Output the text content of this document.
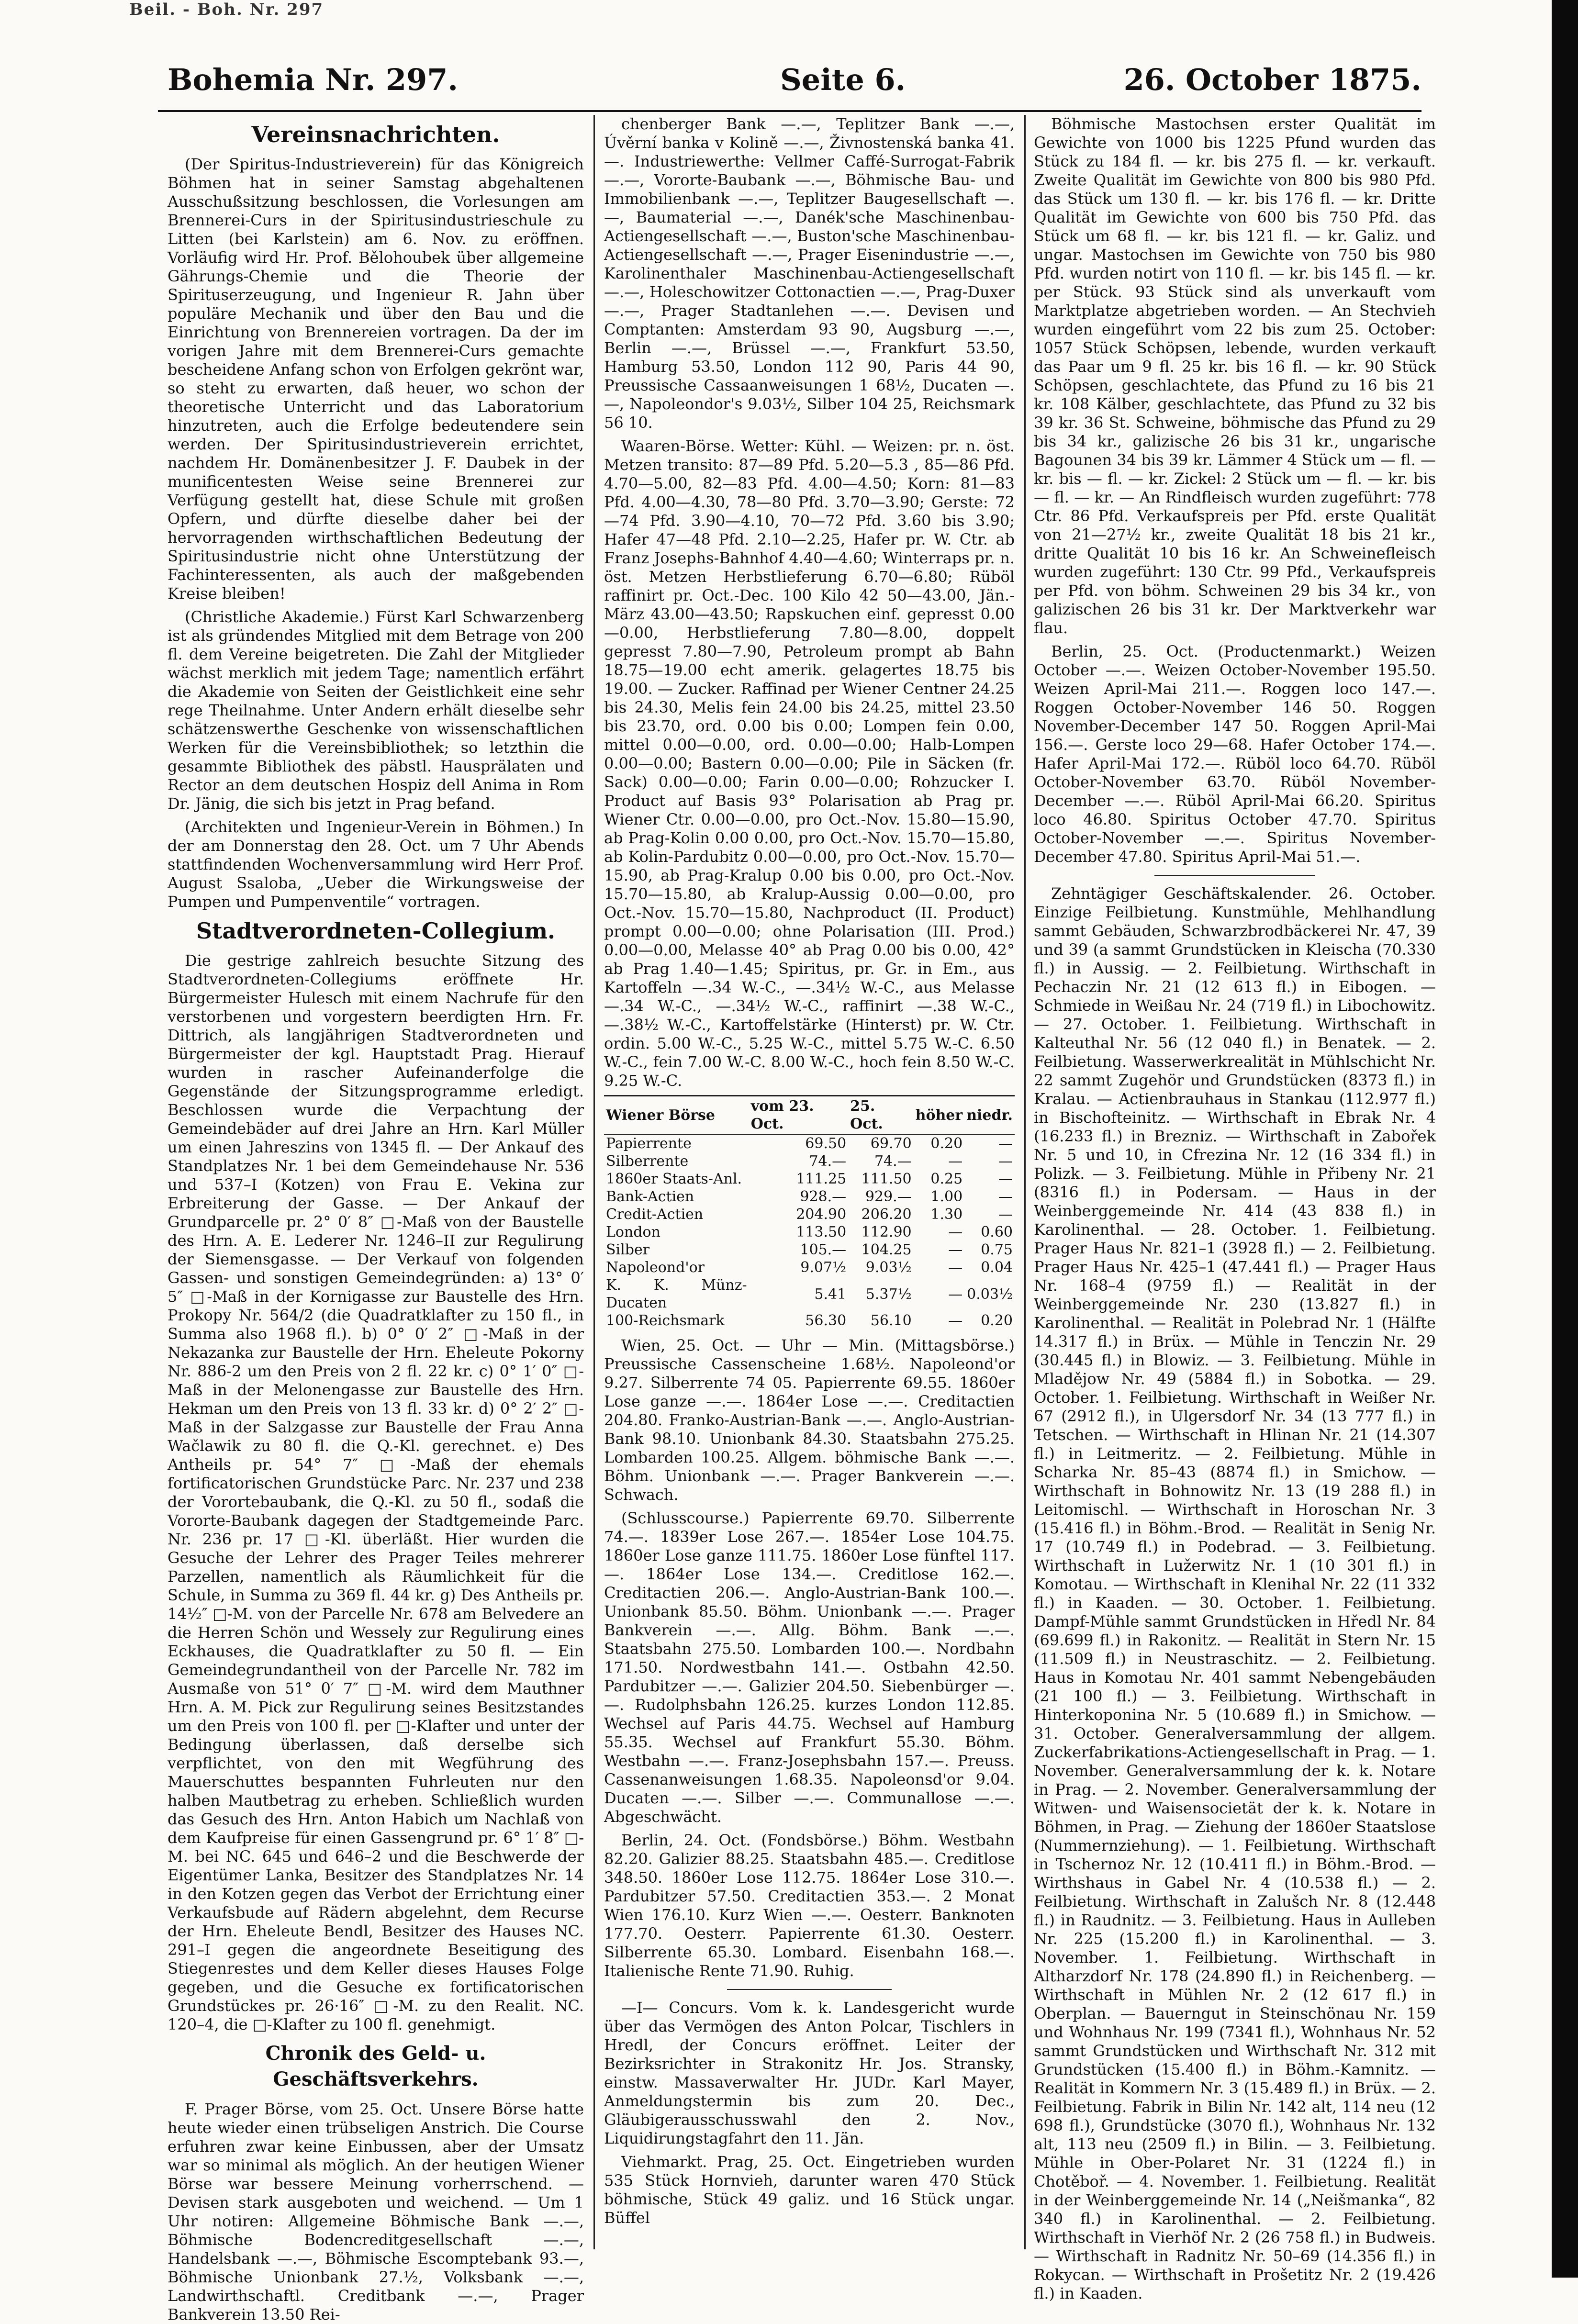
Beil. - Boh. Nr. 297
Bohemia Nr. 297.	Seite 6.	26. October 1875.
Vereinsnachrichten.

(Der Spiritus-Industrieverein) für das Königreich Böhmen hat in seiner Samstag abgehaltenen Ausschußsitzung beschlossen, die Vorlesungen am Brennerei-Curs in der Spiritusindustrieschule zu Litten (bei Karlstein) am 6. Nov. zu eröffnen. Vorläufig wird Hr. Prof. Bělohoubek über allgemeine Gährungs-Chemie und die Theorie der Spirituserzeugung, und Ingenieur R. Jahn über populäre Mechanik und über den Bau und die Einrichtung von Brennereien vortragen. Da der im vorigen Jahre mit dem Brennerei-Curs gemachte bescheidene Anfang schon von Erfolgen gekrönt war, so steht zu erwarten, daß heuer, wo schon der theoretische Unterricht und das Laboratorium hinzutreten, auch die Erfolge bedeutendere sein werden. Der Spiritusindustrieverein errichtet, nachdem Hr. Domänenbesitzer J. F. Daubek in der munificentesten Weise seine Brennerei zur Verfügung gestellt hat, diese Schule mit großen Opfern, und dürfte dieselbe daher bei der hervorragenden wirthschaftlichen Bedeutung der Spiritusindustrie nicht ohne Unterstützung der Fachinteressenten, als auch der maßgebenden Kreise bleiben!

(Christliche Akademie.) Fürst Karl Schwarzenberg ist als gründendes Mitglied mit dem Betrage von 200 fl. dem Vereine beigetreten. Die Zahl der Mitglieder wächst merklich mit jedem Tage; namentlich erfährt die Akademie von Seiten der Geistlichkeit eine sehr rege Theilnahme. Unter Andern erhält dieselbe sehr schätzenswerthe Geschenke von wissenschaftlichen Werken für die Vereinsbibliothek; so letzthin die gesammte Bibliothek des päbstl. Hausprälaten und Rector an dem deutschen Hospiz dell Anima in Rom Dr. Jänig, die sich bis jetzt in Prag befand.

(Architekten und Ingenieur-Verein in Böhmen.) In der am Donnerstag den 28. Oct. um 7 Uhr Abends stattfindenden Wochenversammlung wird Herr Prof. August Ssaloba, „Ueber die Wirkungsweise der Pumpen und Pumpenventile“ vortragen.

Stadtverordneten-Collegium.

Die gestrige zahlreich besuchte Sitzung des Stadtverordneten-Collegiums eröffnete Hr. Bürgermeister Hulesch mit einem Nachrufe für den verstorbenen und vorgestern beerdigten Hrn. Fr. Dittrich, als langjährigen Stadtverordneten und Bürgermeister der kgl. Hauptstadt Prag. Hierauf wurden in rascher Aufeinanderfolge die Gegenstände der Sitzungsprogramme erledigt. Beschlossen wurde die Verpachtung der Gemeindebäder auf drei Jahre an Hrn. Karl Müller um einen Jahreszins von 1345 fl. — Der Ankauf des Standplatzes Nr. 1 bei dem Gemeindehause Nr. 536 und 537–I (Kotzen) von Frau E. Vekina zur Erbreiterung der Gasse. — Der Ankauf der Grundparcelle pr. 2° 0′ 8″ □-Maß von der Baustelle des Hrn. A. E. Lederer Nr. 1246–II zur Regulirung der Siemensgasse. — Der Verkauf von folgenden Gassen- und sonstigen Gemeindegründen: a) 13° 0′ 5″ □-Maß in der Kornigasse zur Baustelle des Hrn. Prokopy Nr. 564/2 (die Quadratklafter zu 150 fl., in Summa also 1968 fl.). b) 0° 0′ 2″ □-Maß in der Nekazanka zur Baustelle der Hrn. Eheleute Pokorny Nr. 886-2 um den Preis von 2 fl. 22 kr. c) 0° 1′ 0″ □-Maß in der Melonengasse zur Baustelle des Hrn. Hekman um den Preis von 13 fl. 33 kr. d) 0° 2′ 2″ □-Maß in der Salzgasse zur Baustelle der Frau Anna Wačlawik zu 80 fl. die Q.-Kl. gerechnet. e) Des Antheils pr. 54° 7″ □-Maß der ehemals fortificatorischen Grundstücke Parc. Nr. 237 und 238 der Vorortebaubank, die Q.-Kl. zu 50 fl., sodaß die Vororte-Baubank dagegen der Stadtgemeinde Parc. Nr. 236 pr. 17 □-Kl. überläßt. Hier wurden die Gesuche der Lehrer des Prager Teiles mehrerer Parzellen, namentlich als Räumlichkeit für die Schule, in Summa zu 369 fl. 44 kr. g) Des Antheils pr. 14½″ □-M. von der Parcelle Nr. 678 am Belvedere an die Herren Schön und Wessely zur Regulirung eines Eckhauses, die Quadratklafter zu 50 fl. — Ein Gemeindegrundantheil von der Parcelle Nr. 782 im Ausmaße von 51° 0′ 7″ □-M. wird dem Mauthner Hrn. A. M. Pick zur Regulirung seines Besitzstandes um den Preis von 100 fl. per □-Klafter und unter der Bedingung überlassen, daß derselbe sich verpflichtet, von den mit Wegführung des Mauerschuttes bespannten Fuhrleuten nur den halben Mautbetrag zu erheben. Schließlich wurden das Gesuch des Hrn. Anton Habich um Nachlaß von dem Kaufpreise für einen Gassengrund pr. 6° 1′ 8″ □-M. bei NC. 645 und 646–2 und die Beschwerde der Eigentümer Lanka, Besitzer des Standplatzes Nr. 14 in den Kotzen gegen das Verbot der Errichtung einer Verkaufsbude auf Rädern abgelehnt, dem Recurse der Hrn. Eheleute Bendl, Besitzer des Hauses NC. 291–I gegen die angeordnete Beseitigung des Stiegenrestes und dem Keller dieses Hauses Folge gegeben, und die Gesuche ex fortificatorischen Grundstückes pr. 26·16″ □-M. zu den Realit. NC. 120–4, die □-Klafter zu 100 fl. genehmigt.

Chronik des Geld- u. Geschäftsverkehrs.

F. Prager Börse, vom 25. Oct. Unsere Börse hatte heute wieder einen trübseligen Anstrich. Die Course erfuhren zwar keine Einbussen, aber der Umsatz war so minimal als möglich. An der heutigen Wiener Börse war bessere Meinung vorherrschend. — Devisen stark ausgeboten und weichend. — Um 1 Uhr notiren: Allgemeine Böhmische Bank —.—, Böhmische Bodencreditgesellschaft —.—, Handelsbank —.—, Böhmische Escomptebank 93.—, Böhmische Unionbank 27.½, Volksbank —.—, Landwirthschaftl. Creditbank —.—, Prager Bankverein 13.50 Rei-

chenberger Bank —.—, Teplitzer Bank —.—, Úvěrní banka v Kolině —.—, Živnostenská banka 41.—. Industriewerthe: Vellmer Caffé-Surrogat-Fabrik —.—, Vororte-Baubank —.—, Böhmische Bau- und Immobilienbank —.—, Teplitzer Baugesellschaft —.—, Baumaterial —.—, Danék'sche Maschinenbau-Actiengesellschaft —.—, Buston'sche Maschinenbau-Actiengesellschaft —.—, Prager Eisenindustrie —.—, Karolinenthaler Maschinenbau-Actiengesellschaft —.—, Holeschowitzer Cottonactien —.—, Prag-Duxer —.—, Prager Stadtanlehen —.—. Devisen und Comptanten: Amsterdam 93 90, Augsburg —.—, Berlin —.—, Brüssel —.—, Frankfurt 53.50, Hamburg 53.50, London 112 90, Paris 44 90, Preussische Cassaanweisungen 1 68½, Ducaten —.—, Napoleondor's 9.03½, Silber 104 25, Reichsmark 56 10.

Waaren-Börse. Wetter: Kühl. — Weizen: pr. n. öst. Metzen transito: 87—89 Pfd. 5.20—5.3 , 85—86 Pfd. 4.70—5.00, 82—83 Pfd. 4.00—4.50; Korn: 81—83 Pfd. 4.00—4.30, 78—80 Pfd. 3.70—3.90; Gerste: 72—74 Pfd. 3.90—4.10, 70—72 Pfd. 3.60 bis 3.90; Hafer 47—48 Pfd. 2.10—2.25, Hafer pr. W. Ctr. ab Franz Josephs-Bahnhof 4.40—4.60; Winterraps pr. n. öst. Metzen Herbstlieferung 6.70—6.80; Rüböl raffinirt pr. Oct.-Dec. 100 Kilo 42 50—43.00, Jän.-März 43.00—43.50; Rapskuchen einf. gepresst 0.00—0.00, Herbstlieferung 7.80—8.00, doppelt gepresst 7.80—7.90, Petroleum prompt ab Bahn 18.75—19.00 echt amerik. gelagertes 18.75 bis 19.00. — Zucker. Raffinad per Wiener Centner 24.25 bis 24.30, Melis fein 24.00 bis 24.25, mittel 23.50 bis 23.70, ord. 0.00 bis 0.00; Lompen fein 0.00, mittel 0.00—0.00, ord. 0.00—0.00; Halb-Lompen 0.00—0.00; Bastern 0.00—0.00; Pile in Säcken (fr. Sack) 0.00—0.00; Farin 0.00—0.00; Rohzucker I. Product auf Basis 93° Polarisation ab Prag pr. Wiener Ctr. 0.00—0.00, pro Oct.-Nov. 15.80—15.90, ab Prag-Kolin 0.00 0.00, pro Oct.-Nov. 15.70—15.80, ab Kolin-Pardubitz 0.00—0.00, pro Oct.-Nov. 15.70—15.90, ab Prag-Kralup 0.00 bis 0.00, pro Oct.-Nov. 15.70—15.80, ab Kralup-Aussig 0.00—0.00, pro Oct.-Nov. 15.70—15.80, Nachproduct (II. Product) prompt 0.00—0.00; ohne Polarisation (III. Prod.) 0.00—0.00, Melasse 40° ab Prag 0.00 bis 0.00, 42° ab Prag 1.40—1.45; Spiritus, pr. Gr. in Em., aus Kartoffeln —.34 W.-C., —.34½ W.-C., aus Melasse —.34 W.-C., —.34½ W.-C., raffinirt —.38 W.-C., —.38½ W.-C., Kartoffelstärke (Hinterst) pr. W. Ctr. ordin. 5.00 W.-C., 5.25 W.-C., mittel 5.75 W.-C. 6.50 W.-C., fein 7.00 W.-C. 8.00 W.-C., hoch fein 8.50 W.-C. 9.25 W.-C.

Wiener Börse	vom 23. Oct.	25. Oct.	höher	niedr.
Papierrente	69.50	69.70	0.20	—
Silberrente	74.—	74.—	—	—
1860er Staats-Anl.	111.25	111.50	0.25	—
Bank-Actien	928.—	929.—	1.00	—
Credit-Actien	204.90	206.20	1.30	—
London	113.50	112.90	—	0.60
Silber	105.—	104.25	—	0.75
Napoleond'or	9.07½	9.03½	—	0.04
K. K. Münz-Ducaten	5.41	5.37½	—	0.03½
100-Reichsmark	56.30	56.10	—	0.20

Wien, 25. Oct. — Uhr — Min. (Mittagsbörse.) Preussische Cassenscheine 1.68½. Napoleond'or 9.27. Silberrente 74 05. Papierrente 69.55. 1860er Lose ganze —.—. 1864er Lose —.—. Creditactien 204.80. Franko-Austrian-Bank —.—. Anglo-Austrian-Bank 98.10. Unionbank 84.30. Staatsbahn 275.25. Lombarden 100.25. Allgem. böhmische Bank —.—. Böhm. Unionbank —.—. Prager Bankverein —.—. Schwach.

(Schlusscourse.) Papierrente 69.70. Silberrente 74.—. 1839er Lose 267.—. 1854er Lose 104.75. 1860er Lose ganze 111.75. 1860er Lose fünftel 117.—. 1864er Lose 134.—. Creditlose 162.—. Creditactien 206.—. Anglo-Austrian-Bank 100.—. Unionbank 85.50. Böhm. Unionbank —.—. Prager Bankverein —.—. Allg. Böhm. Bank —.—. Staatsbahn 275.50. Lombarden 100.—. Nordbahn 171.50. Nordwestbahn 141.—. Ostbahn 42.50. Pardubitzer —.—. Galizier 204.50. Siebenbürger —.—. Rudolphsbahn 126.25. kurzes London 112.85. Wechsel auf Paris 44.75. Wechsel auf Hamburg 55.35. Wechsel auf Frankfurt 55.30. Böhm. Westbahn —.—. Franz-Josephsbahn 157.—. Preuss. Cassenanweisungen 1.68.35. Napoleonsd'or 9.04. Ducaten —.—. Silber —.—. Communallose —.—. Abgeschwächt.

Berlin, 24. Oct. (Fondsbörse.) Böhm. Westbahn 82.20. Galizier 88.25. Staatsbahn 485.—. Creditlose 348.50. 1860er Lose 112.75. 1864er Lose 310.—. Pardubitzer 57.50. Creditactien 353.—. 2 Monat Wien 176.10. Kurz Wien —.—. Oesterr. Banknoten 177.70. Oesterr. Papierrente 61.30. Oesterr. Silberrente 65.30. Lombard. Eisenbahn 168.—. Italienische Rente 71.90. Ruhig.

—I— Concurs. Vom k. k. Landesgericht wurde über das Vermögen des Anton Polcar, Tischlers in Hredl, der Concurs eröffnet. Leiter der Bezirksrichter in Strakonitz Hr. Jos. Stransky, einstw. Massaverwalter Hr. JUDr. Karl Mayer, Anmeldungstermin bis zum 20. Dec., Gläubigerausschusswahl den 2. Nov., Liquidirungstagfahrt den 11. Jän.

Viehmarkt. Prag, 25. Oct. Eingetrieben wurden 535 Stück Hornvieh, darunter waren 470 Stück böhmische, Stück 49 galiz. und 16 Stück ungar. Büffel

Böhmische Mastochsen erster Qualität im Gewichte von 1000 bis 1225 Pfund wurden das Stück zu 184 fl. — kr. bis 275 fl. — kr. verkauft. Zweite Qualität im Gewichte von 800 bis 980 Pfd. das Stück um 130 fl. — kr. bis 176 fl. — kr. Dritte Qualität im Gewichte von 600 bis 750 Pfd. das Stück um 68 fl. — kr. bis 121 fl. — kr. Galiz. und ungar. Mastochsen im Gewichte von 750 bis 980 Pfd. wurden notirt von 110 fl. — kr. bis 145 fl. — kr. per Stück. 93 Stück sind als unverkauft vom Marktplatze abgetrieben worden. — An Stechvieh wurden eingeführt vom 22 bis zum 25. October: 1057 Stück Schöpsen, lebende, wurden verkauft das Paar um 9 fl. 25 kr. bis 16 fl. — kr. 90 Stück Schöpsen, geschlachtete, das Pfund zu 16 bis 21 kr. 108 Kälber, geschlachtete, das Pfund zu 32 bis 39 kr. 36 St. Schweine, böhmische das Pfund zu 29 bis 34 kr., galizische 26 bis 31 kr., ungarische Bagounen 34 bis 39 kr. Lämmer 4 Stück um — fl. — kr. bis — fl. — kr. Zickel: 2 Stück um — fl. — kr. bis — fl. — kr. — An Rindfleisch wurden zugeführt: 778 Ctr. 86 Pfd. Verkaufspreis per Pfd. erste Qualität von 21—27½ kr., zweite Qualität 18 bis 21 kr., dritte Qualität 10 bis 16 kr. An Schweinefleisch wurden zugeführt: 130 Ctr. 99 Pfd., Verkaufspreis per Pfd. von böhm. Schweinen 29 bis 34 kr., von galizischen 26 bis 31 kr. Der Marktverkehr war flau.

Berlin, 25. Oct. (Productenmarkt.) Weizen October —.—. Weizen October-November 195.50. Weizen April-Mai 211.—. Roggen loco 147.—. Roggen October-November 146 50. Roggen November-December 147 50. Roggen April-Mai 156.—. Gerste loco 29—68. Hafer October 174.—. Hafer April-Mai 172.—. Rüböl loco 64.70. Rüböl October-November 63.70. Rüböl November-December —.—. Rüböl April-Mai 66.20. Spiritus loco 46.80. Spiritus October 47.70. Spiritus October-November —.—. Spiritus November-December 47.80. Spiritus April-Mai 51.—.

Zehntägiger Geschäftskalender. 26. October. Einzige Feilbietung. Kunstmühle, Mehlhandlung sammt Gebäuden, Schwarzbrodbäckerei Nr. 47, 39 und 39 (a sammt Grundstücken in Kleischa (70.330 fl.) in Aussig. — 2. Feilbietung. Wirthschaft in Pechaczin Nr. 21 (12 613 fl.) in Eibogen. — Schmiede in Weißau Nr. 24 (719 fl.) in Libochowitz. — 27. October. 1. Feilbietung. Wirthschaft in Kalteuthal Nr. 56 (12 040 fl.) in Benatek. — 2. Feilbietung. Wasserwerkrealität in Mühlschicht Nr. 22 sammt Zugehör und Grundstücken (8373 fl.) in Kralau. — Actienbrauhaus in Stankau (112.977 fl.) in Bischofteinitz. — Wirthschaft in Ebrak Nr. 4 (16.233 fl.) in Brezniz. — Wirthschaft in Zabořek Nr. 5 und 10, in Cfrezina Nr. 12 (16 334 fl.) in Polizk. — 3. Feilbietung. Mühle in Přibeny Nr. 21 (8316 fl.) in Podersam. — Haus in der Weinberggemeinde Nr. 414 (43 838 fl.) in Karolinenthal. — 28. October. 1. Feilbietung. Prager Haus Nr. 821–1 (3928 fl.) — 2. Feilbietung. Prager Haus Nr. 425–1 (47.441 fl.) — Prager Haus Nr. 168–4 (9759 fl.) — Realität in der Weinberggemeinde Nr. 230 (13.827 fl.) in Karolinenthal. — Realität in Polebrad Nr. 1 (Hälfte 14.317 fl.) in Brüx. — Mühle in Tenczin Nr. 29 (30.445 fl.) in Blowiz. — 3. Feilbietung. Mühle in Mladějow Nr. 49 (5884 fl.) in Sobotka. — 29. October. 1. Feilbietung. Wirthschaft in Weißer Nr. 67 (2912 fl.), in Ulgersdorf Nr. 34 (13 777 fl.) in Tetschen. — Wirthschaft in Hlinan Nr. 21 (14.307 fl.) in Leitmeritz. — 2. Feilbietung. Mühle in Scharka Nr. 85–43 (8874 fl.) in Smichow. — Wirthschaft in Bohnowitz Nr. 13 (19 288 fl.) in Leitomischl. — Wirthschaft in Horoschan Nr. 3 (15.416 fl.) in Böhm.-Brod. — Realität in Senig Nr. 17 (10.749 fl.) in Podebrad. — 3. Feilbietung. Wirthschaft in Lužerwitz Nr. 1 (10 301 fl.) in Komotau. — Wirthschaft in Klenihal Nr. 22 (11 332 fl.) in Kaaden. — 30. October. 1. Feilbietung. Dampf-Mühle sammt Grundstücken in Hředl Nr. 84 (69.699 fl.) in Rakonitz. — Realität in Stern Nr. 15 (11.509 fl.) in Neustraschitz. — 2. Feilbietung. Haus in Komotau Nr. 401 sammt Nebengebäuden (21 100 fl.) — 3. Feilbietung. Wirthschaft in Hinterkoponina Nr. 5 (10.689 fl.) in Smichow. — 31. October. Generalversammlung der allgem. Zuckerfabrikations-Actiengesellschaft in Prag. — 1. November. Generalversammlung der k. k. Notare in Prag. — 2. November. Generalversammlung der Witwen- und Waisensocietät der k. k. Notare in Böhmen, in Prag. — Ziehung der 1860er Staatslose (Nummernziehung). — 1. Feilbietung. Wirthschaft in Tschernoz Nr. 12 (10.411 fl.) in Böhm.-Brod. — Wirthshaus in Gabel Nr. 4 (10.538 fl.) — 2. Feilbietung. Wirthschaft in Zalušch Nr. 8 (12.448 fl.) in Raudnitz. — 3. Feilbietung. Haus in Aulleben Nr. 225 (15.200 fl.) in Karolinenthal. — 3. November. 1. Feilbietung. Wirthschaft in Altharzdorf Nr. 178 (24.890 fl.) in Reichenberg. — Wirthschaft in Mühlen Nr. 2 (12 617 fl.) in Oberplan. — Bauerngut in Steinschönau Nr. 159 und Wohnhaus Nr. 199 (7341 fl.), Wohnhaus Nr. 52 sammt Grundstücken und Wirthschaft Nr. 312 mit Grundstücken (15.400 fl.) in Böhm.-Kamnitz. — Realität in Kommern Nr. 3 (15.489 fl.) in Brüx. — 2. Feilbietung. Fabrik in Bilin Nr. 142 alt, 114 neu (12 698 fl.), Grundstücke (3070 fl.), Wohnhaus Nr. 132 alt, 113 neu (2509 fl.) in Bilin. — 3. Feilbietung. Mühle in Ober-Polaret Nr. 31 (1224 fl.) in Chotěboř. — 4. November. 1. Feilbietung. Realität in der Weinberggemeinde Nr. 14 („Neišmanka“, 82 340 fl.) in Karolinenthal. — 2. Feilbietung. Wirthschaft in Vierhöf Nr. 2 (26 758 fl.) in Budweis. — Wirthschaft in Radnitz Nr. 50–69 (14.356 fl.) in Rokycan. — Wirthschaft in Prošetitz Nr. 2 (19.426 fl.) in Kaaden.
